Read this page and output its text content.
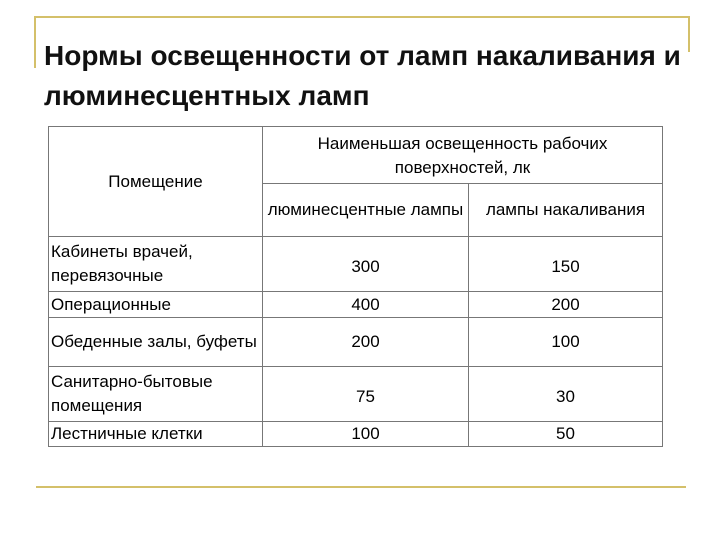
Нормы освещенности от ламп накаливания и люминесцентных ламп
Помещение	Наименьшая освещенность рабочих поверхностей, лк	
	люминесцентные лампы	лампы накаливания
Кабинеты врачей, перевязочные	300	150
Операционные	400	200
Обеденные залы, буфеты	200	100
Санитарно-бытовые помещения	75	30
Лестничные клетки	100	50
